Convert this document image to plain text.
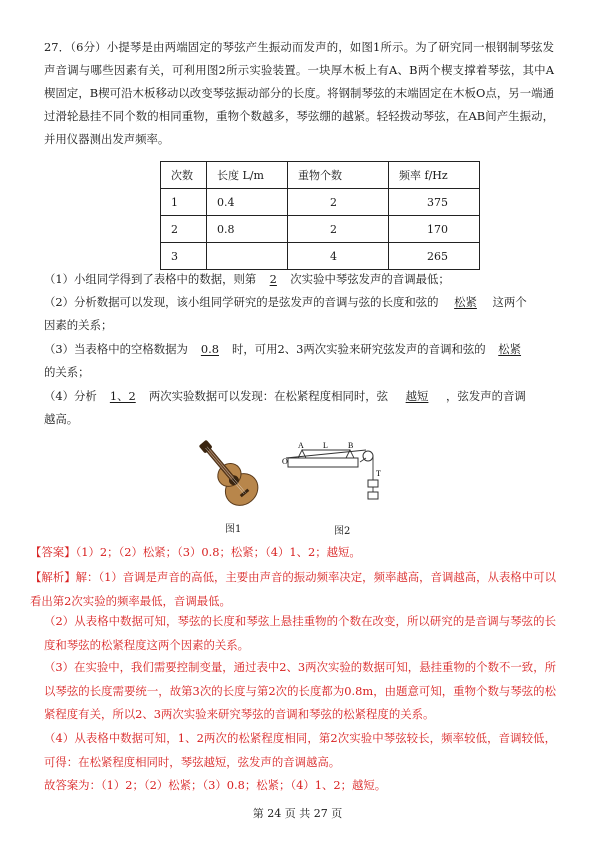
27．（6分）小提琴是由两端固定的琴弦产生振动而发声的，如图1所示。为了研究同一根钢制琴弦发声音调与哪些因素有关，可利用图2所示实验装置。一块厚木板上有A、B两个楔支撑着琴弦，其中A楔固定，B楔可沿木板移动以改变琴弦振动部分的长度。将钢制琴弦的末端固定在木板O点，另一端通过滑轮悬挂不同个数的相同重物，重物个数越多，琴弦绷的越紧。轻轻拨动琴弦，在AB间产生振动，并用仪器测出发声频率。

次数	长度 L/m	重物个数	频率 f/Hz
1	0.4	2	375
2	0.8	2	170
3		4	265
（1）小组同学得到了表格中的数据，则第 2 次实验中琴弦发声的音调最低；
（2）分析数据可以发现，该小组同学研究的是弦发声的音调与弦的长度和弦的 松紧 这两个
因素的关系；
（3）当表格中的空格数据为 0.8 时，可用2、3两次实验来研究弦发声的音调和弦的 松紧
的关系；
（4）分析 1、2 两次实验数据可以发现：在松紧程度相同时，弦 越短 ，弦发声的音调
越高。
图1
A L	B
O
T
图2
【答案】（1）2；（2）松紧；（3）0.8；松紧；（4）1、2；越短。

【解析】解：（1）音调是声音的高低，主要由声音的振动频率决定，频率越高，音调越高，从表格中可以看出第2次实验的频率最低，音调最低。

（2）从表格中数据可知，琴弦的长度和琴弦上悬挂重物的个数在改变，所以研究的是音调与琴弦的长度和琴弦的松紧程度这两个因素的关系。

（3）在实验中，我们需要控制变量，通过表中2、3两次实验的数据可知，悬挂重物的个数不一致，所以琴弦的长度需要统一，故第3次的长度与第2次的长度都为0.8m，由题意可知，重物个数与琴弦的松紧程度有关，所以2、3两次实验来研究琴弦的音调和琴弦的松紧程度的关系。

（4）从表格中数据可知，1、2两次的松紧程度相同，第2次实验中琴弦较长，频率较低，音调较低，可得：在松紧程度相同时，琴弦越短，弦发声的音调越高。

故答案为：（1）2；（2）松紧；（3）0.8；松紧；（4）1、2；越短。

第 24 页 共 27 页
